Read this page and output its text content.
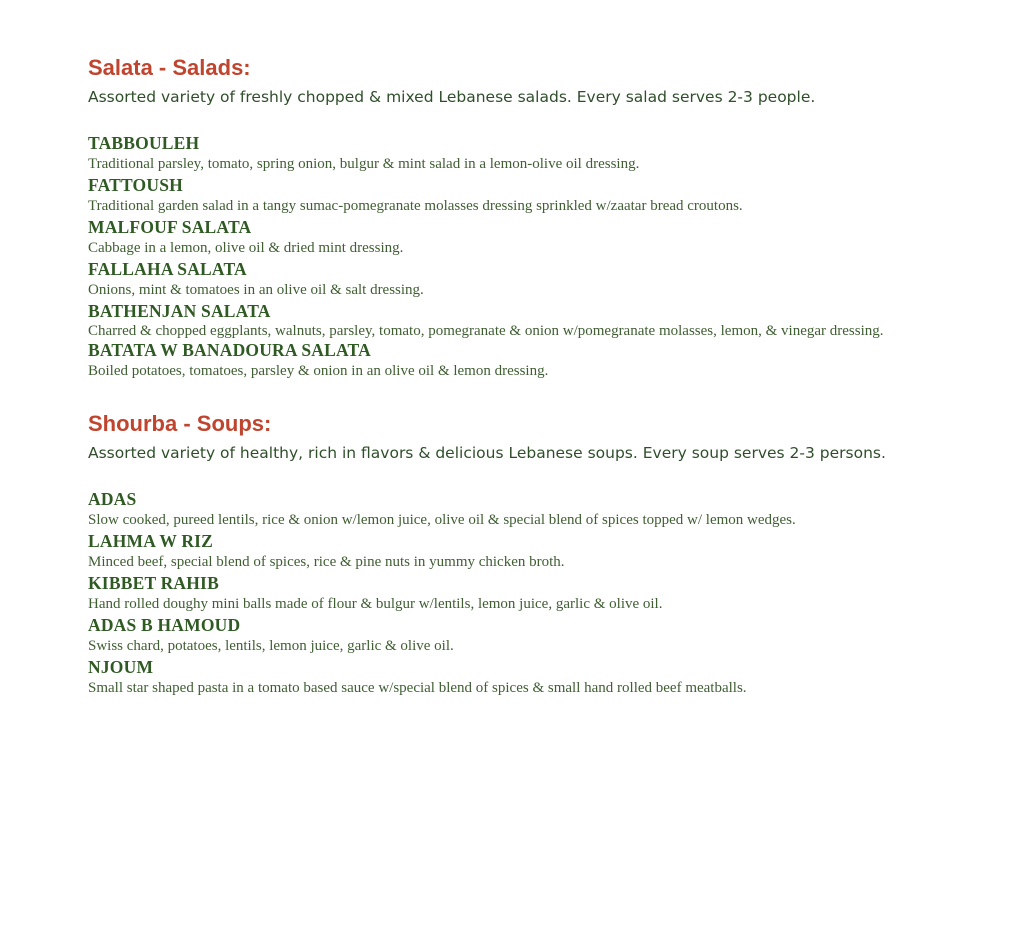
Salata - Salads:

Assorted variety of freshly chopped & mixed Lebanese salads. Every salad serves 2-3 people.

TABBOULEH
Traditional parsley, tomato, spring onion, bulgur & mint salad in a lemon-olive oil dressing.
FATTOUSH
Traditional garden salad in a tangy sumac-pomegranate molasses dressing sprinkled w/zaatar bread croutons.
MALFOUF SALATA
Cabbage in a lemon, olive oil & dried mint dressing.
FALLAHA SALATA
Onions, mint & tomatoes in an olive oil & salt dressing.
BATHENJAN SALATA
Charred & chopped eggplants, walnuts, parsley, tomato, pomegranate & onion w/pomegranate molasses, lemon, & vinegar dressing.
BATATA W BANADOURA SALATA
Boiled potatoes, tomatoes, parsley & onion in an olive oil & lemon dressing.
Shourba - Soups:

Assorted variety of healthy, rich in flavors & delicious Lebanese soups. Every soup serves 2-3 persons.

ADAS
Slow cooked, pureed lentils, rice & onion w/lemon juice, olive oil & special blend of spices topped w/ lemon wedges.
LAHMA W RIZ
Minced beef, special blend of spices, rice & pine nuts in yummy chicken broth.
KIBBET RAHIB
Hand rolled doughy mini balls made of flour & bulgur w/lentils, lemon juice, garlic & olive oil.
ADAS B HAMOUD
Swiss chard, potatoes, lentils, lemon juice, garlic & olive oil.
NJOUM
Small star shaped pasta in a tomato based sauce w/special blend of spices & small hand rolled beef meatballs.
